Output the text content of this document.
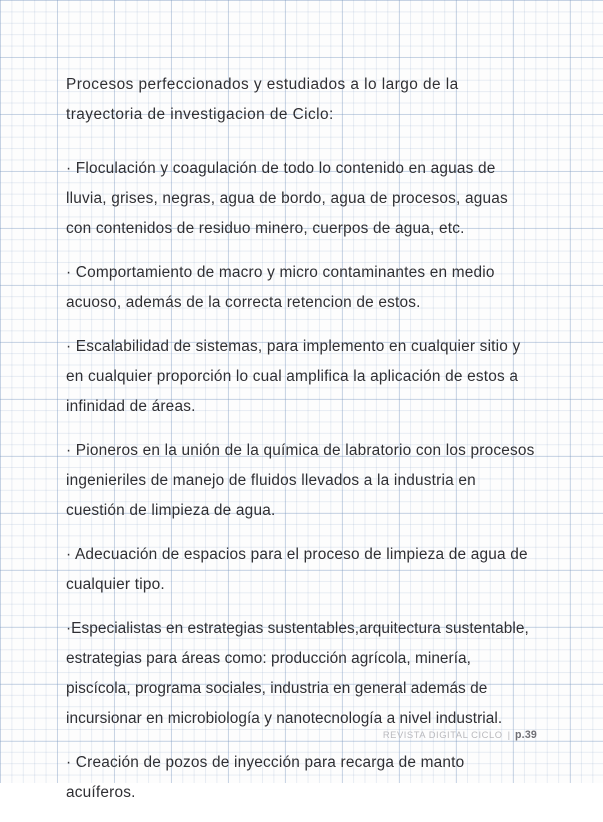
Procesos perfeccionados y estudiados a lo largo de la trayectoria de investigacion de Ciclo:

· Floculación y coagulación de todo lo contenido en aguas de lluvia, grises, negras, agua de bordo, agua de procesos, aguas con contenidos de residuo minero, cuerpos de agua, etc.

· Comportamiento de macro y micro contaminantes en medio acuoso, además de la correcta retencion de estos.

· Escalabilidad de sistemas, para implemento en cualquier sitio y en cualquier proporción lo cual amplifica la aplicación de estos a infinidad de áreas.

· Pioneros en la unión de la química de labratorio con los procesos ingenieriles de manejo de fluidos llevados a la industria en cuestión de limpieza de agua.

· Adecuación de espacios para el proceso de limpieza de agua de cualquier tipo.

·Especialistas en estrategias sustentables,arquitectura sustentable, estrategias para áreas como: producción agrícola, minería, piscícola, programa sociales, industria en general además de incursionar en microbiología y nanotecnología a nivel industrial.

· Creación de pozos de inyección para recarga de manto acuíferos.

REVISTA DIGITAL CICLO | p.39
